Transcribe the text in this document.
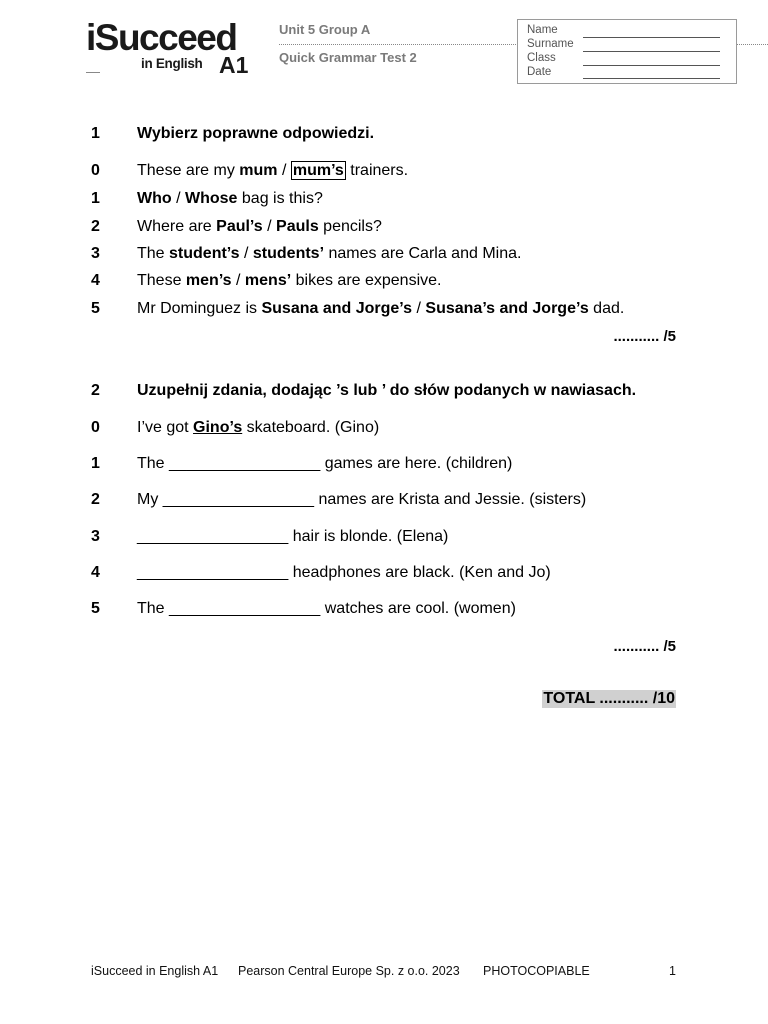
iSucceed
in English A1
Unit 5 Group A
Quick Grammar Test 2
Name
Surname
Class
Date
1 Wybierz poprawne odpowiedzi.
0 These are my mum / mum’s trainers.
1 Who / Whose bag is this?
2 Where are Paul’s / Pauls pencils?
3 The student’s / students’ names are Carla and Mina.
4 These men’s / mens’ bikes are expensive.
5 Mr Dominguez is Susana and Jorge’s / Susana’s and Jorge’s dad.
........... /5
2 Uzupełnij zdania, dodając ’s lub ’ do słów podanych w nawiasach.
0 I’ve got Gino’s skateboard. (Gino)
1 The _________________ games are here. (children)
2 My _________________ names are Krista and Jessie. (sisters)
3 _________________ hair is blonde. (Elena)
4 _________________ headphones are black. (Ken and Jo)
5 The _________________ watches are cool. (women)
........... /5
TOTAL ........... /10
iSucceed in English A1 Pearson Central Europe Sp. z o.o. 2023 PHOTOCOPIABLE	1
